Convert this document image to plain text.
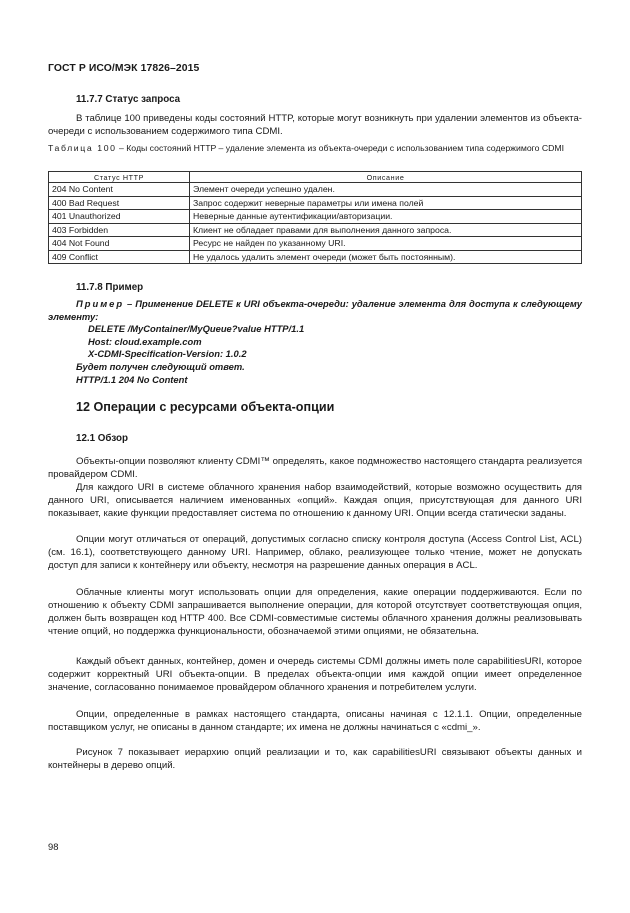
ГОСТ Р ИСО/МЭК 17826–2015
11.7.7 Статус запроса

В таблице 100 приведены коды состояний HTTP, которые могут возникнуть при удалении элементов из объекта-очереди с использованием содержимого типа CDMI.

Таблица 100 – Коды состояний HTTP – удаление элемента из объекта-очереди с использованием типа содержимого CDMI
Статус HTTP	Описание
204 No Content	Элемент очереди успешно удален.
400 Bad Request	Запрос содержит неверные параметры или имена полей
401 Unauthorized	Неверные данные аутентификации/авторизации.
403 Forbidden	Клиент не обладает правами для выполнения данного запроса.
404 Not Found	Ресурс не найден по указанному URI.
409 Conflict	Не удалось удалить элемент очереди (может быть постоянным).
11.7.8 Пример

Пример – Применение DELETE к URI объекта-очереди: удаление элемента для доступа к следующему элементу:

DELETE /MyContainer/MyQueue?value HTTP/1.1

Host: cloud.example.com

X-CDMI-Specification-Version: 1.0.2

Будет получен следующий ответ.

HTTP/1.1 204 No Content

12 Операции с ресурсами объекта-опции
12.1 Обзор

Объекты-опции позволяют клиенту CDMI™ определять, какое подмножество настоящего стандарта реализуется провайдером CDMI.

Для каждого URI в системе облачного хранения набор взаимодействий, которые возможно осуществить для данного URI, описывается наличием именованных «опций». Каждая опция, присутствующая для данного URI показывает, какие функции предоставляет система по отношению к данному URI. Опции всегда статически заданы.

Опции могут отличаться от операций, допустимых согласно списку контроля доступа (Access Control List, ACL) (см. 16.1), соответствующего данному URI. Например, облако, реализующее только чтение, может не допускать доступ для записи к контейнеру или объекту, несмотря на разрешение данных операция в ACL.

Облачные клиенты могут использовать опции для определения, какие операции поддерживаются. Если по отношению к объекту CDMI запрашивается выполнение операции, для которой отсутствует соответствующая опция, должен быть возвращен код HTTP 400. Все CDMI-совместимые системы облачного хранения должны реализовывать чтение опций, но поддержка функциональности, обозначаемой этими опциями, не обязательна.

Каждый объект данных, контейнер, домен и очередь системы CDMI должны иметь поле capabilitiesURI, которое содержит корректный URI объекта-опции. В пределах объекта-опции имя каждой опции имеет определенное значение, согласованно понимаемое провайдером облачного хранения и потребителем услуги.

Опции, определенные в рамках настоящего стандарта, описаны начиная с 12.1.1. Опции, определенные поставщиком услуг, не описаны в данном стандарте; их имена не должны начинаться с «cdmi_».

Рисунок 7 показывает иерархию опций реализации и то, как capabilitiesURI связывают объекты данных и контейнеры в дерево опций.

98
